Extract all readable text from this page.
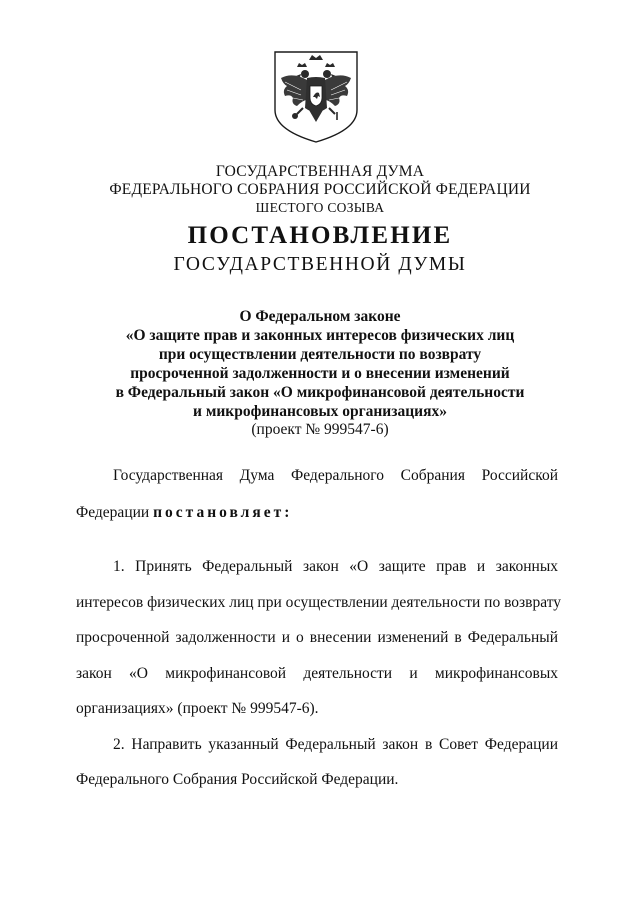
ГОСУДАРСТВЕННАЯ ДУМА
ФЕДЕРАЛЬНОГО СОБРАНИЯ РОССИЙСКОЙ ФЕДЕРАЦИИ
ШЕСТОГО СОЗЫВА
ПОСТАНОВЛЕНИЕ
ГОСУДАРСТВЕННОЙ ДУМЫ
О Федеральном законе
«О защите прав и законных интересов физических лиц
при осуществлении деятельности по возврату
просроченной задолженности и о внесении изменений
в Федеральный закон «О микрофинансовой деятельности
и микрофинансовых организациях»
(проект № 999547-6)
Государственная Дума Федерального Собрания Российской
Федерации постановляет:
1. Принять Федеральный закон «О защите прав и законных
интересов физических лиц при осуществлении деятельности по возврату
просроченной задолженности и о внесении изменений в Федеральный
закон «О микрофинансовой деятельности и микрофинансовых
организациях» (проект № 999547-6).
2. Направить указанный Федеральный закон в Совет Федерации
Федерального Собрания Российской Федерации.
